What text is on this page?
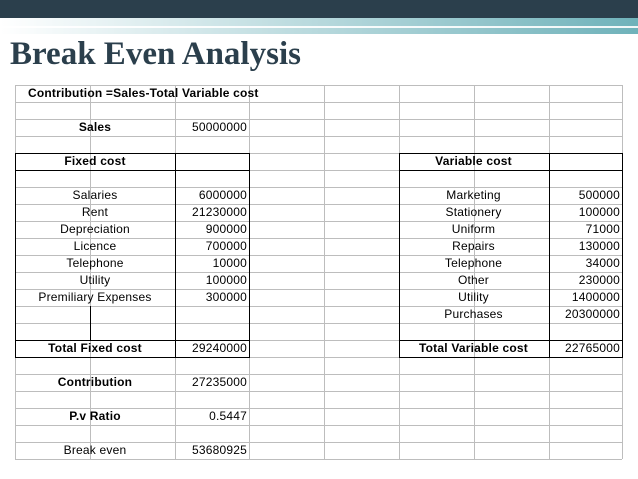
Break Even Analysis
Contribution =Sales-Total Variable cost
Sales	50000000
Fixed cost
Salaries	6000000
Rent	21230000
Depreciation	900000
Licence	700000
Telephone	10000
Utility	100000
Premiliary Expenses	300000
Total Fixed cost	29240000
Variable cost
Marketing	500000
Stationery	100000
Uniform	71000
Repairs	130000
Telephone	34000
Other	230000
Utility	1400000
Purchases	20300000
Total Variable cost	22765000
Contribution	27235000
P.v Ratio	0.5447
Break even	53680925
